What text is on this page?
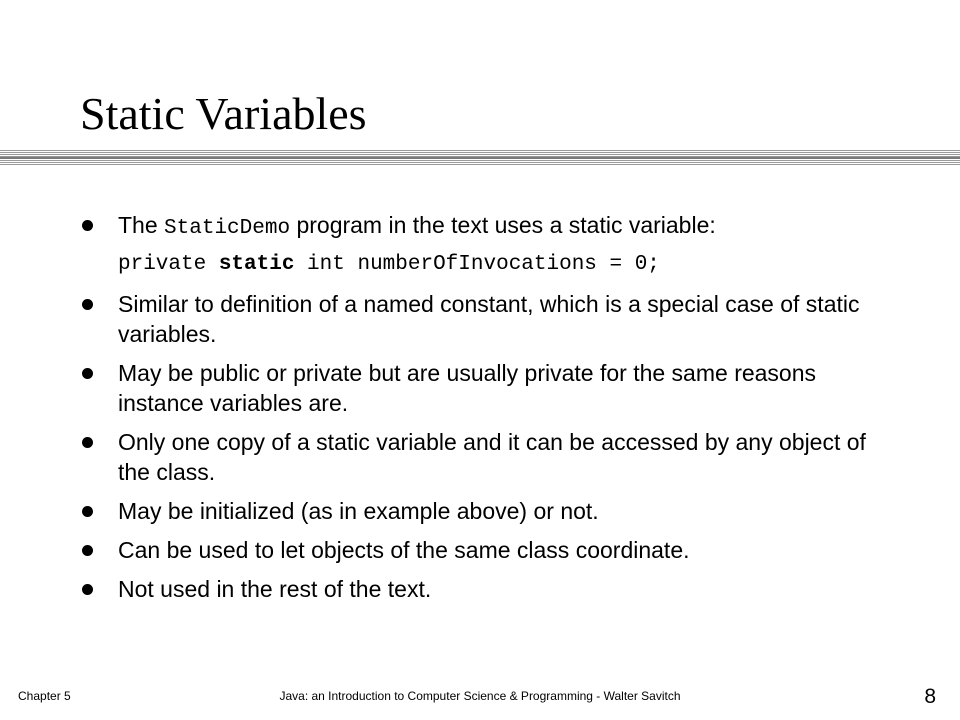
Static Variables
The StaticDemo program in the text uses a static variable:
private static int numberOfInvocations = 0;
Similar to definition of a named constant, which is a special case of static variables.
May be public or private but are usually private for the same reasons instance variables are.
Only one copy of a static variable and it can be accessed by any object of the class.
May be initialized (as in example above) or not.
Can be used to let objects of the same class coordinate.
Not used in the rest of the text.
Chapter 5	Java: an Introduction to Computer Science & Programming - Walter Savitch	8
